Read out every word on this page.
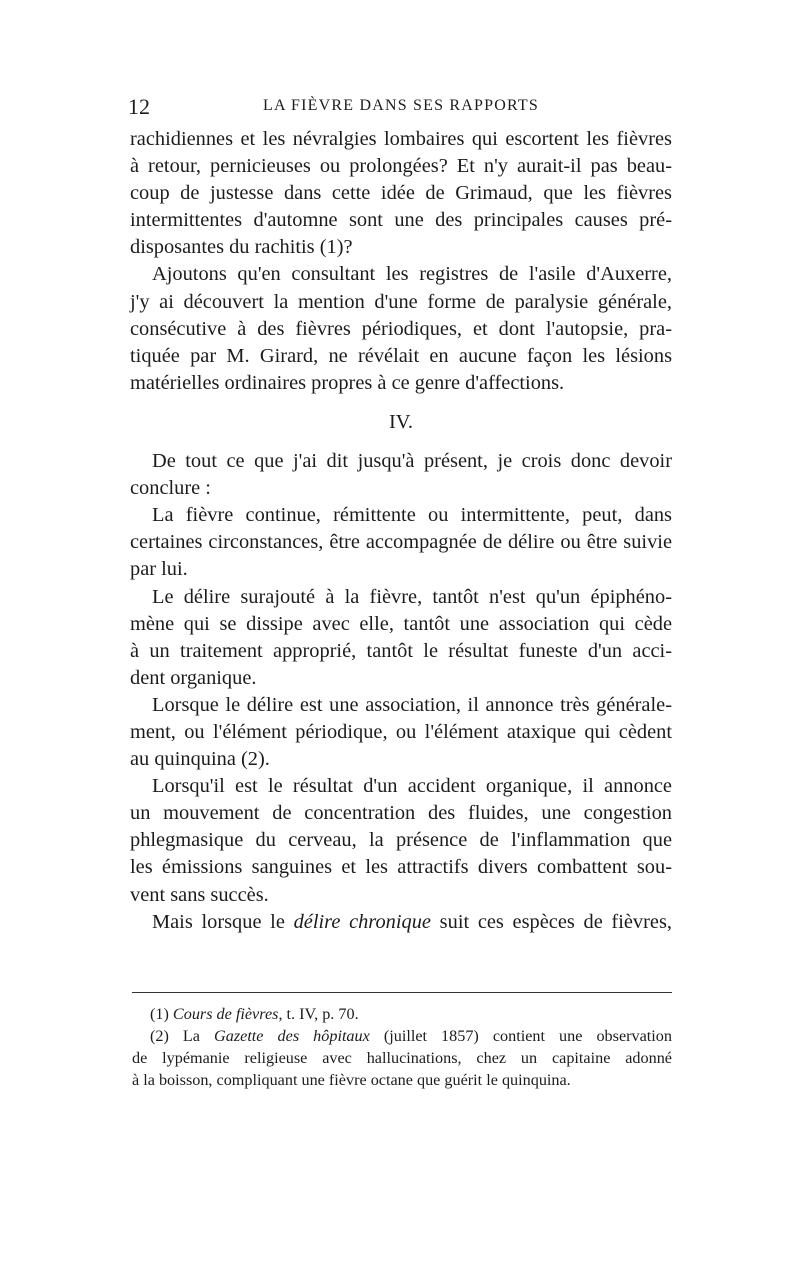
12	LA FIÈVRE DANS SES RAPPORTS
rachidiennes et les névralgies lombaires qui escortent les fièvres
à retour, pernicieuses ou prolongées? Et n'y aurait-il pas beau-
coup de justesse dans cette idée de Grimaud, que les fièvres
intermittentes d'automne sont une des principales causes pré-
disposantes du rachitis (1)?
Ajoutons qu'en consultant les registres de l'asile d'Auxerre,
j'y ai découvert la mention d'une forme de paralysie générale,
consécutive à des fièvres périodiques, et dont l'autopsie, pra-
tiquée par M. Girard, ne révélait en aucune façon les lésions
matérielles ordinaires propres à ce genre d'affections.
IV.
De tout ce que j'ai dit jusqu'à présent, je crois donc devoir
conclure :
La fièvre continue, rémittente ou intermittente, peut, dans
certaines circonstances, être accompagnée de délire ou être suivie
par lui.
Le délire surajouté à la fièvre, tantôt n'est qu'un épiphéno-
mène qui se dissipe avec elle, tantôt une association qui cède
à un traitement approprié, tantôt le résultat funeste d'un acci-
dent organique.
Lorsque le délire est une association, il annonce très générale-
ment, ou l'élément périodique, ou l'élément ataxique qui cèdent
au quinquina (2).
Lorsqu'il est le résultat d'un accident organique, il annonce
un mouvement de concentration des fluides, une congestion
phlegmasique du cerveau, la présence de l'inflammation que
les émissions sanguines et les attractifs divers combattent sou-
vent sans succès.
Mais lorsque le délire chronique suit ces espèces de fièvres,
(1) Cours de fièvres, t. IV, p. 70.
(2) La Gazette des hôpitaux (juillet 1857) contient une observation
de lypémanie religieuse avec hallucinations, chez un capitaine adonné
à la boisson, compliquant une fièvre octane que guérit le quinquina.
